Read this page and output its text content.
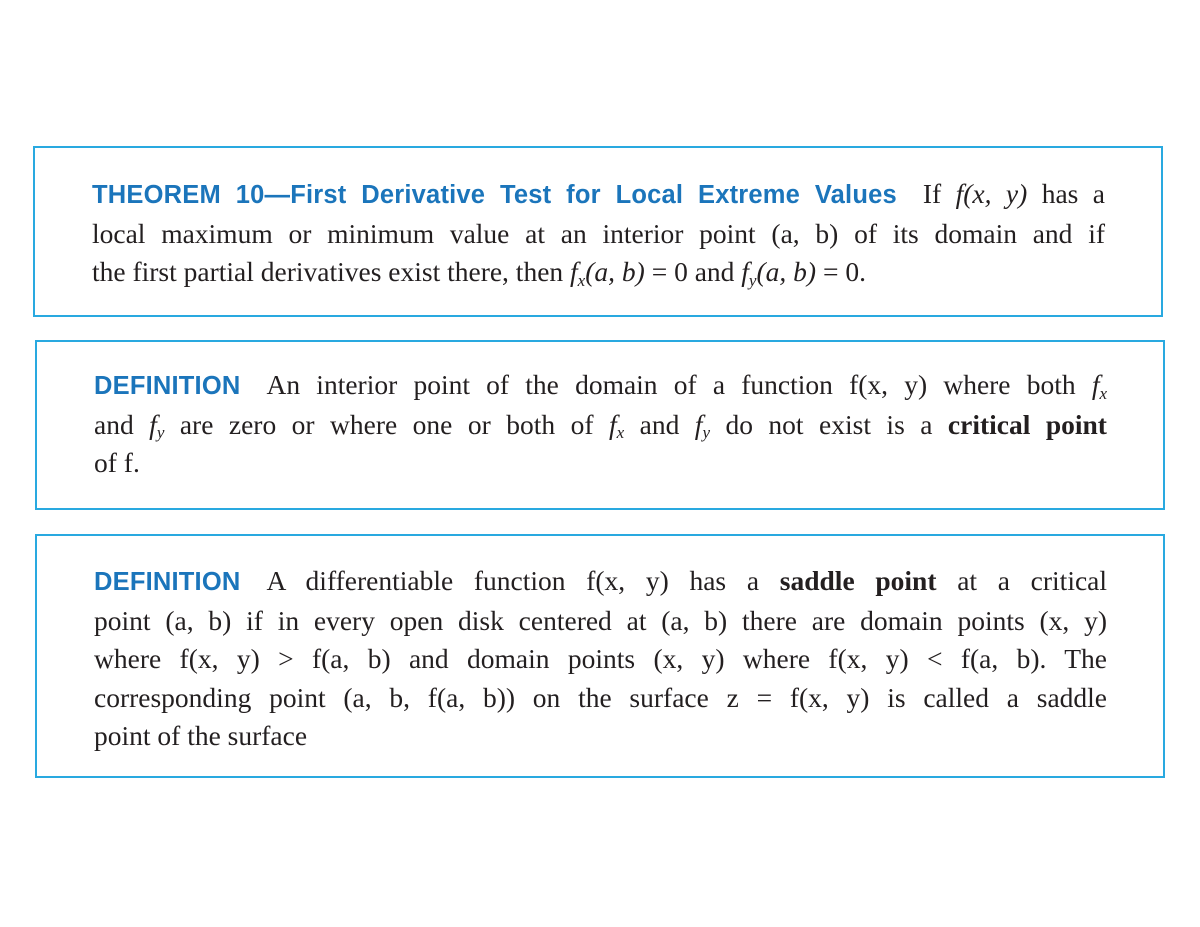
THEOREM 10—First Derivative Test for Local Extreme Values If f(x, y) has a
local maximum or minimum value at an interior point (a, b) of its domain and if
the first partial derivatives exist there, then $f_x(a$, b) = 0 and $f_y(a$, b) = 0.
DEFINITION An interior point of the domain of a function f(x, y) where both $f_x$
and $f_y$ are zero or where one or both of $f_x$ and $f_y$ do not exist is a critical point
of f.
DEFINITION A differentiable function f(x, y) has a saddle point at a critical
point (a, b) if in every open disk centered at (a, b) there are domain points (x, y)
where f(x, y) > f(a, b) and domain points (x, y) where f(x, y) < f(a, b). The
corresponding point (a, b, f(a, b)) on the surface z = f(x, y) is called a saddle
point of the surface
